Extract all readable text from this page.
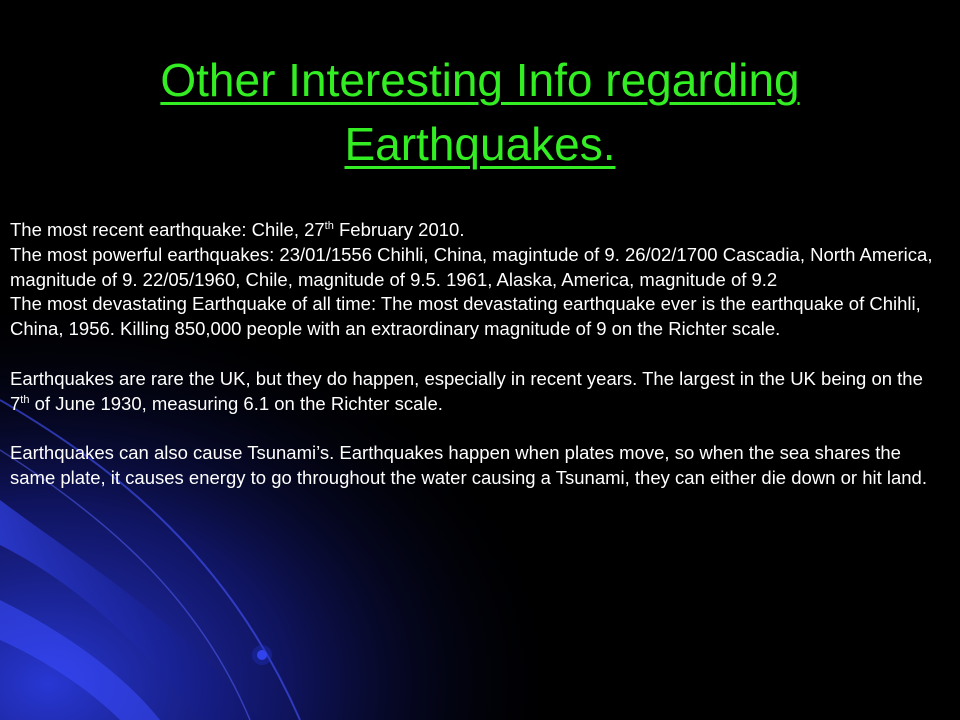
Other Interesting Info regarding
Earthquakes.

The most recent earthquake: Chile, 27th February 2010.

The most powerful earthquakes: 23/01/1556 Chihli, China, magintude of 9. 26/02/1700 Cascadia, North America, magnitude of 9. 22/05/1960, Chile, magnitude of 9.5. 1961, Alaska, America, magnitude of 9.2

The most devastating Earthquake of all time: The most devastating earthquake ever is the earthquake of Chihli, China, 1956. Killing 850,000 people with an extraordinary magnitude of 9 on the Richter scale.

Earthquakes are rare the UK, but they do happen, especially in recent years. The largest in the UK being on the 7th of June 1930, measuring 6.1 on the Richter scale.

Earthquakes can also cause Tsunami’s. Earthquakes happen when plates move, so when the sea shares the same plate, it causes energy to go throughout the water causing a Tsunami, they can either die down or hit land.
